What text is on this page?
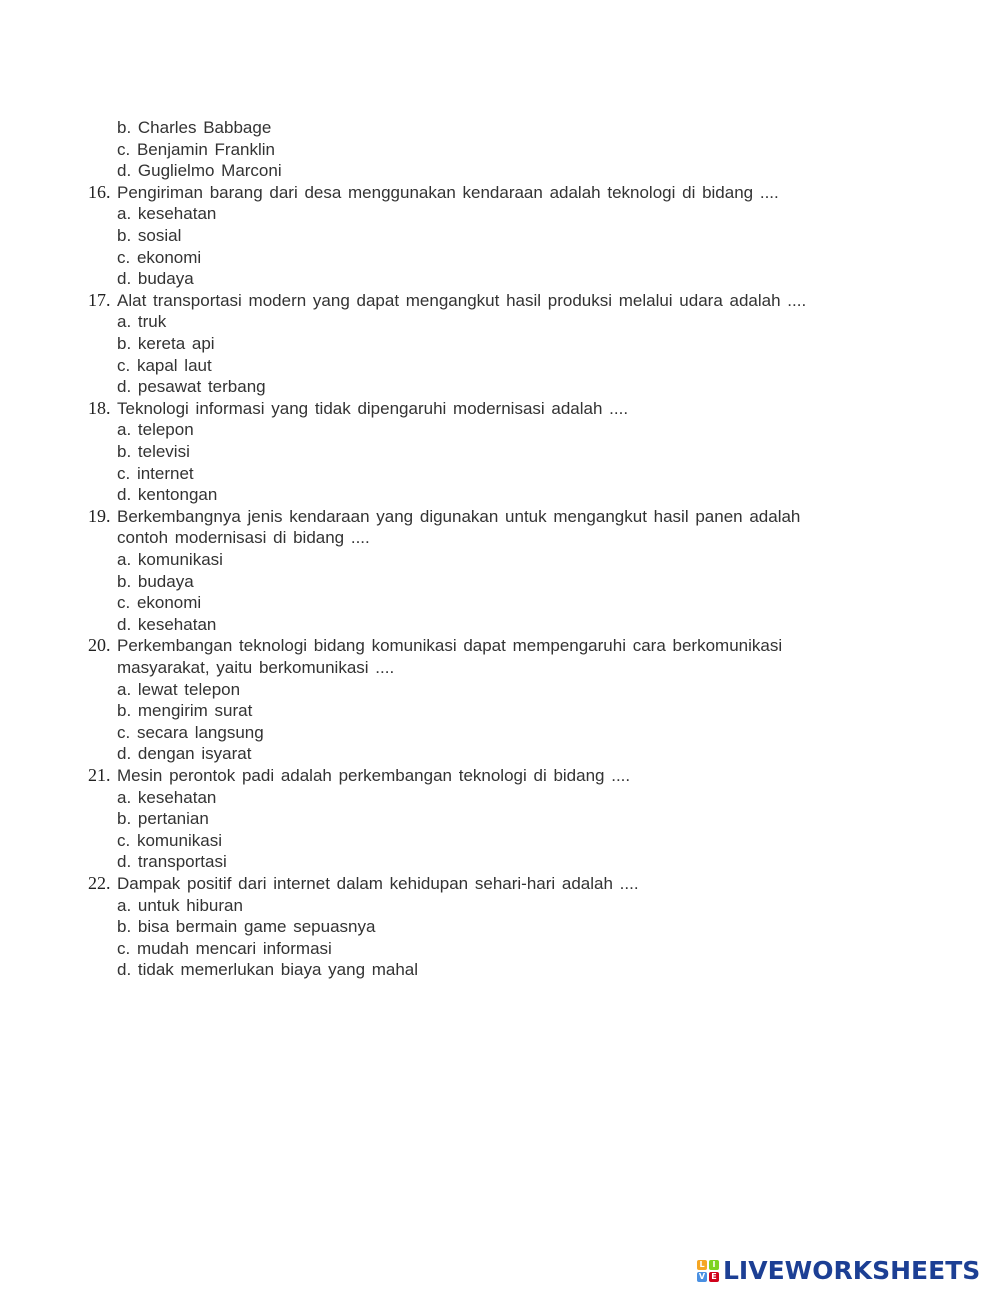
b. Charles Babbage
c. Benjamin Franklin
d. Guglielmo Marconi
16. Pengiriman barang dari desa menggunakan kendaraan adalah teknologi di bidang ....
a. kesehatan
b. sosial
c. ekonomi
d. budaya
17. Alat transportasi modern yang dapat mengangkut hasil produksi melalui udara adalah ....
a. truk
b. kereta api
c. kapal laut
d. pesawat terbang
18. Teknologi informasi yang tidak dipengaruhi modernisasi adalah ....
a. telepon
b. televisi
c. internet
d. kentongan
19. Berkembangnya jenis kendaraan yang digunakan untuk mengangkut hasil panen adalah
contoh modernisasi di bidang ....
a. komunikasi
b. budaya
c. ekonomi
d. kesehatan
20. Perkembangan teknologi bidang komunikasi dapat mempengaruhi cara berkomunikasi
masyarakat, yaitu berkomunikasi ....
a. lewat telepon
b. mengirim surat
c. secara langsung
d. dengan isyarat
21. Mesin perontok padi adalah perkembangan teknologi di bidang ....
a. kesehatan
b. pertanian
c. komunikasi
d. transportasi
22. Dampak positif dari internet dalam kehidupan sehari-hari adalah ....
a. untuk hiburan
b. bisa bermain game sepuasnya
c. mudah mencari informasi
d. tidak memerlukan biaya yang mahal
L I
V E LIVEWORKSHEETS
